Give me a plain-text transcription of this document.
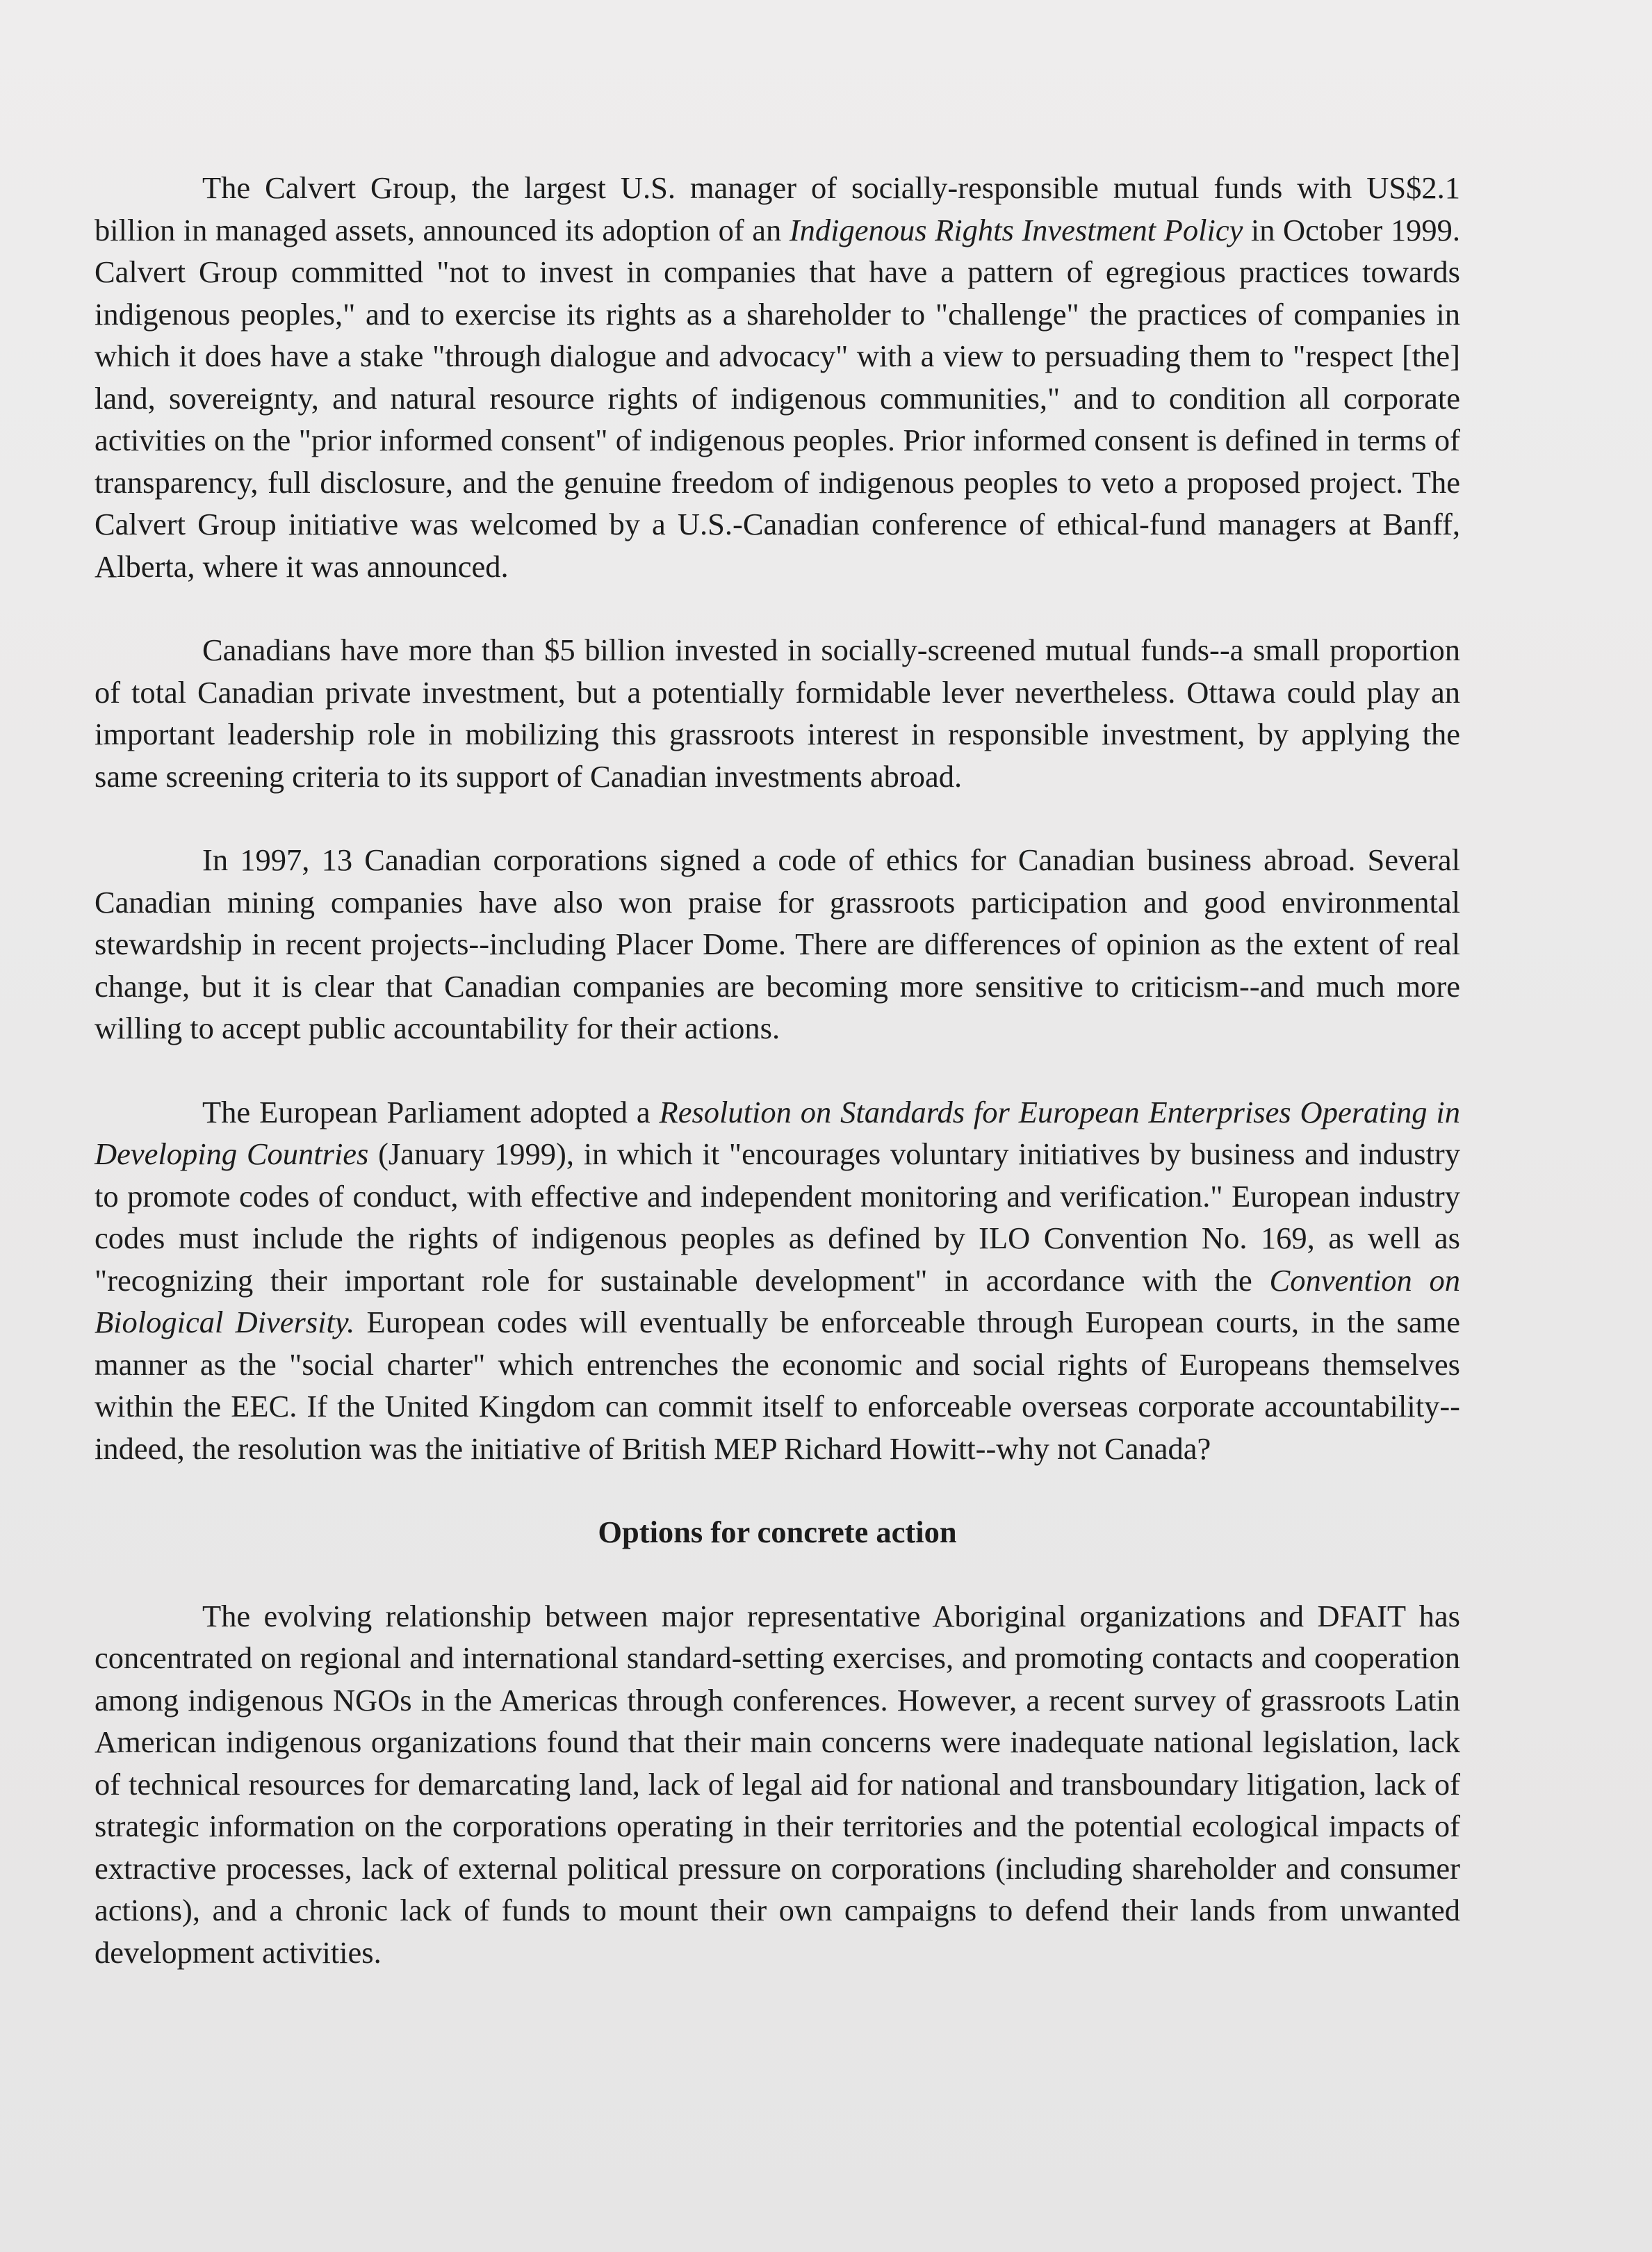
The Calvert Group, the largest U.S. manager of socially-responsible mutual funds with US$2.1 billion in managed assets, announced its adoption of an Indigenous Rights Investment Policy in October 1999. Calvert Group committed "not to invest in companies that have a pattern of egregious practices towards indigenous peoples," and to exercise its rights as a shareholder to "challenge" the practices of companies in which it does have a stake "through dialogue and advocacy" with a view to persuading them to "respect [the] land, sovereignty, and natural resource rights of indigenous communities," and to condition all corporate activities on the "prior informed consent" of indigenous peoples. Prior informed consent is defined in terms of transparency, full disclosure, and the genuine freedom of indigenous peoples to veto a proposed project. The Calvert Group initiative was welcomed by a U.S.-Canadian conference of ethical-fund managers at Banff, Alberta, where it was announced.

Canadians have more than $5 billion invested in socially-screened mutual funds--a small proportion of total Canadian private investment, but a potentially formidable lever nevertheless. Ottawa could play an important leadership role in mobilizing this grassroots interest in responsible investment, by applying the same screening criteria to its support of Canadian investments abroad.

In 1997, 13 Canadian corporations signed a code of ethics for Canadian business abroad. Several Canadian mining companies have also won praise for grassroots participation and good environmental stewardship in recent projects--including Placer Dome. There are differences of opinion as the extent of real change, but it is clear that Canadian companies are becoming more sensitive to criticism--and much more willing to accept public accountability for their actions.

The European Parliament adopted a Resolution on Standards for European Enterprises Operating in Developing Countries (January 1999), in which it "encourages voluntary initiatives by business and industry to promote codes of conduct, with effective and independent monitoring and verification." European industry codes must include the rights of indigenous peoples as defined by ILO Convention No. 169, as well as "recognizing their important role for sustainable development" in accordance with the Convention on Biological Diversity. European codes will eventually be enforceable through European courts, in the same manner as the "social charter" which entrenches the economic and social rights of Europeans themselves within the EEC. If the United Kingdom can commit itself to enforceable overseas corporate accountability--indeed, the resolution was the initiative of British MEP Richard Howitt--why not Canada?

Options for concrete action

The evolving relationship between major representative Aboriginal organizations and DFAIT has concentrated on regional and international standard-setting exercises, and promoting contacts and cooperation among indigenous NGOs in the Americas through conferences. However, a recent survey of grassroots Latin American indigenous organizations found that their main concerns were inadequate national legislation, lack of technical resources for demarcating land, lack of legal aid for national and transboundary litigation, lack of strategic information on the corporations operating in their territories and the potential ecological impacts of extractive processes, lack of external political pressure on corporations (including shareholder and consumer actions), and a chronic lack of funds to mount their own campaigns to defend their lands from unwanted development activities.
